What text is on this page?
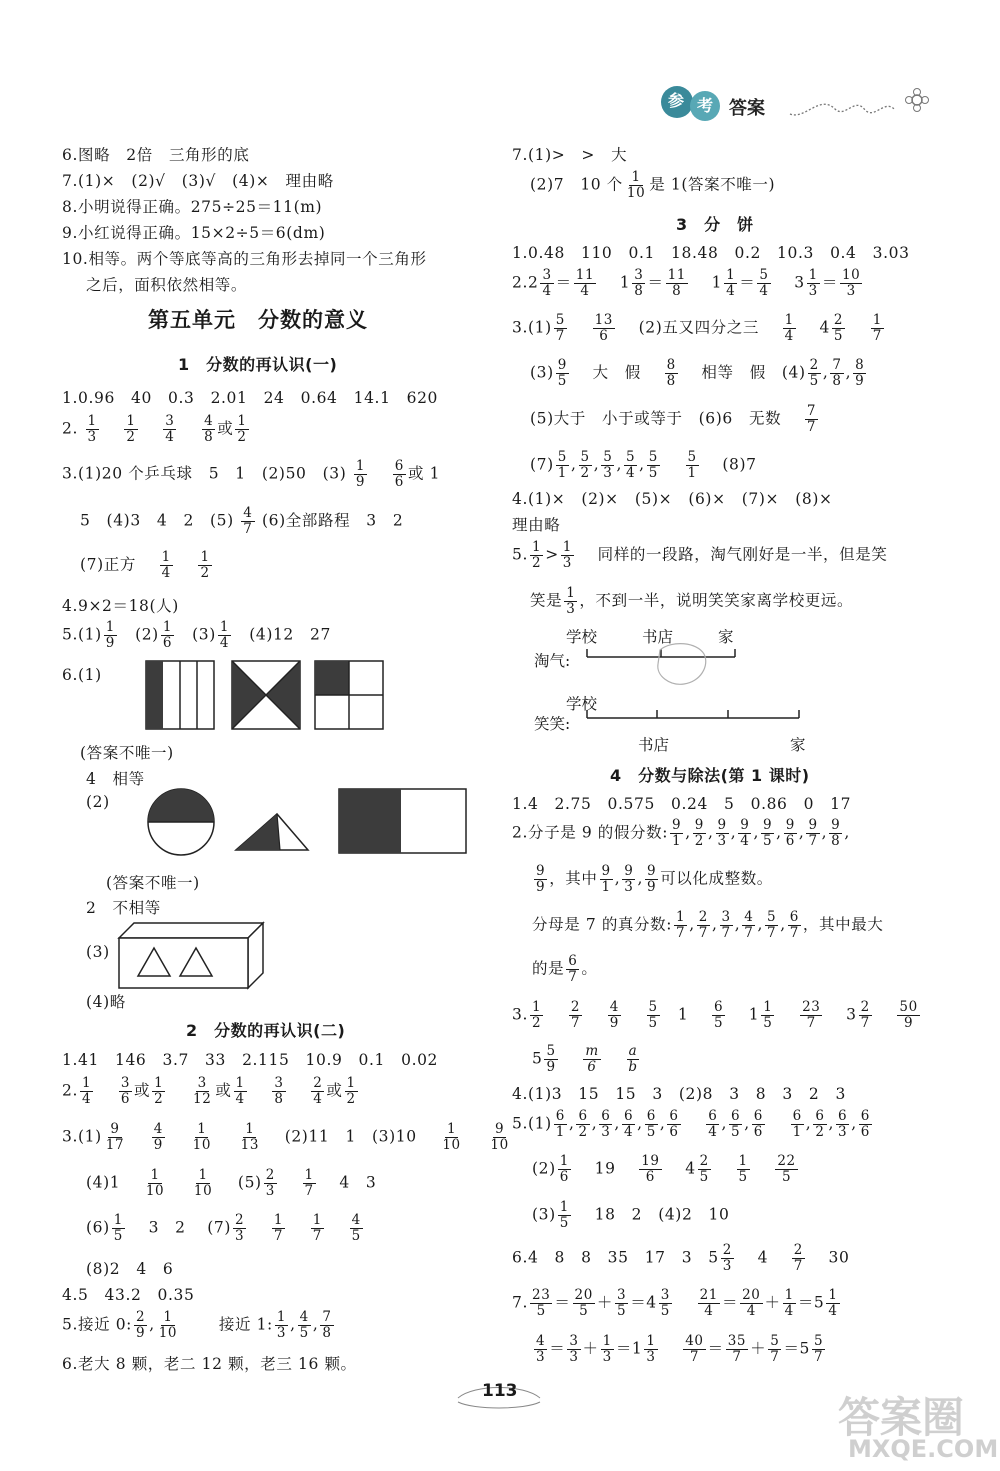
参 考 答案
6.图略　2倍　三角形的底
7.(1)×　(2)√　(3)√　(4)×　理由略
8.小明说得正确。275÷25＝11(m)
9.小红说得正确。15×2÷5＝6(dm)
10.相等。两个等底等高的三角形去掉同一个三角形
之后，面积依然相等。
第五单元　分数的意义
1　分数的再认识(一)
1.0.96　40　0.3　2.01　24　0.64　14.1　620
2. $\frac{1}{3}$
　 $\frac{1}{2}$
　 $\frac{3}{4}$
　 $\frac{4}{8}$ 或 $\frac{1}{2}$
3.(1)20 个乒乓球　5　1　(2)50　$(3) \frac{1}{9}$
　 $\frac{6}{6}$ 或 1
5　(4)3　4　2　$(5) \frac{4}{7} (6)$全部路程　3　2
(7)正方　 $\frac{1}{4}$
　 $\frac{1}{2}$
4.9×2＝18(人)
$5.(1) \frac{1}{9}$
　 $(2) \frac{1}{6}$
　 $(3) \frac{1}{4}$
　 (4)12　27
6.(1)
(答案不唯一)
4　相等
(2)
(答案不唯一)
2　不相等
(3)
(4)略
2　分数的再认识(二)
1.41　146　3.7　33　2.115　10.9　0.1　0.02
2. $\frac{1}{4}$
　 $\frac{3}{6}$ 或 $\frac{1}{2}$
　 $\frac{3}{12}$ 或 $\frac{1}{4}$
　 $\frac{3}{8}$
　 $\frac{2}{4}$ 或 $\frac{1}{2}$
$3.(1) \frac{9}{17}$
　 $\frac{4}{9}$
　 $\frac{1}{10}$
　 $\frac{1}{13}$
　 (2)11　1　(3)10　 $\frac{1}{10}$
　 $\frac{9}{10}$
(4)1　 $\frac{1}{10}$
　 $\frac{1}{10}$
　 $(5) \frac{2}{3}$
　 $\frac{1}{7}$
　 4　3
$(6) \frac{1}{5}$
　 3　2　 $(7) \frac{2}{3}$
　 $\frac{1}{7}$
　 $\frac{1}{7}$
　 $\frac{4}{5}$
(8)2　4　6
4.5　43.2　0.35
5.接近 0: $\frac{2}{9}$ , $\frac{1}{10}$
　　	接近 1: $\frac{1}{3}$ , $\frac{4}{5}$ , $\frac{7}{8}$
6.老大 8 颗，老二 12 颗，老三 16 颗。
7.(1)>　>　大
(2)7　10 个 $\frac{1}{10}$ 是 1(答案不唯一)
3　分　饼
1.0.48　110　0.1　18.48　0.2　10.3　0.4　3.03
$2.2 \frac{3}{4} = \frac{11}{4}$ 　 $1 \frac{3}{8} = \frac{11}{8}$ 　 $1 \frac{1}{4} = \frac{5}{4}$ 　 $3 \frac{1}{3} = \frac{10}{3}$
$3.(1) \frac{5}{7}$
　 $\frac{13}{6}$
　 (2)五又四分之三　 $\frac{1}{4}$ 　 $4 \frac{2}{5}$
　 $\frac{1}{7}$
$(3) \frac{9}{5}$
　 大　假　 $\frac{8}{8}$
　 相等　假　$(4) \frac{2}{5}$ , $\frac{7}{8}$ , $\frac{8}{9}$
(5)大于　小于或等于　(6)6　无数　 $\frac{7}{7}$
$(7) \frac{5}{1}$ , $\frac{5}{2}$ , $\frac{5}{3}$ , $\frac{5}{4}$ , $\frac{5}{5}$
　 $\frac{5}{1}$
　 (8)7
4.(1)×　(2)×　(5)×　(6)×　(7)×　(8)×
理由略
5. $\frac{1}{2} > \frac{1}{3}$
　 同样的一段路，淘气刚好是一半，但是笑
笑是 $\frac{1}{3}$ ，不到一半，说明笑笑家离学校更远。
学校	书店	家
淘气:
学校
笑笑:
书店	家
4　分数与除法(第 1 课时)
1.4　2.75　0.575　0.24　5　0.86　0　17
2.分子是 9 的假分数: $\frac{9}{1}$ , $\frac{9}{2}$ , $\frac{9}{3}$ , $\frac{9}{4}$ , $\frac{9}{5}$ , $\frac{9}{6}$ , $\frac{9}{7}$ , $\frac{9}{8}$ ,
$\frac{9}{9}$ ，其中 $\frac{9}{1}$ , $\frac{9}{3}$ , $\frac{9}{9}$ 可以化成整数。
分母是 7 的真分数: $\frac{1}{7}$ , $\frac{2}{7}$ , $\frac{3}{7}$ , $\frac{4}{7}$ , $\frac{5}{7}$ , $\frac{6}{7}$ ，其中最大
的是 $\frac{6}{7}$ 。
3. $\frac{1}{2}$
　 $\frac{2}{7}$
　 $\frac{4}{9}$
　 $\frac{5}{5}$ 　1　 $\frac{6}{5}$ 　 $1 \frac{1}{5}$
　 $\frac{23}{7}$ 　 $3 \frac{2}{7}$
　 $\frac{50}{9}$
$5 \frac{5}{9}$
　 $\frac{m}{6}$
　 $\frac{a}{b}$
4.(1)3　15　15　3　(2)8　3　8　3　2　3
$5.(1) \frac{6}{1}$ , $\frac{6}{2}$ , $\frac{6}{3}$ , $\frac{6}{4}$ , $\frac{6}{5}$ , $\frac{6}{6}$
　 $\frac{6}{4}$ , $\frac{6}{5}$ , $\frac{6}{6}$
　 $\frac{6}{1}$ , $\frac{6}{2}$ , $\frac{6}{3}$ , $\frac{6}{6}$
$(2) \frac{1}{6}$
　 19　 $\frac{19}{6}$ 　 $4 \frac{2}{5}$
　 $\frac{1}{5}$
　 $\frac{22}{5}$
$(3) \frac{1}{5}$
　 18　2　(4)2　10
6.4　8　8　35　17　3　$5 \frac{2}{3}$
　 4　 $\frac{2}{7}$
　 30
7. $\frac{23}{5} = \frac{20}{5} + \frac{3}{5} =4 \frac{3}{5}$
　 $\frac{21}{4} = \frac{20}{4} + \frac{1}{4} =5 \frac{1}{4}$
$\frac{4}{3} = \frac{3}{3} + \frac{1}{3} =1 \frac{1}{3}$
　 $\frac{40}{7} = \frac{35}{7} + \frac{5}{7} =5 \frac{5}{7}$
113
答案圈
MXQE.COM
